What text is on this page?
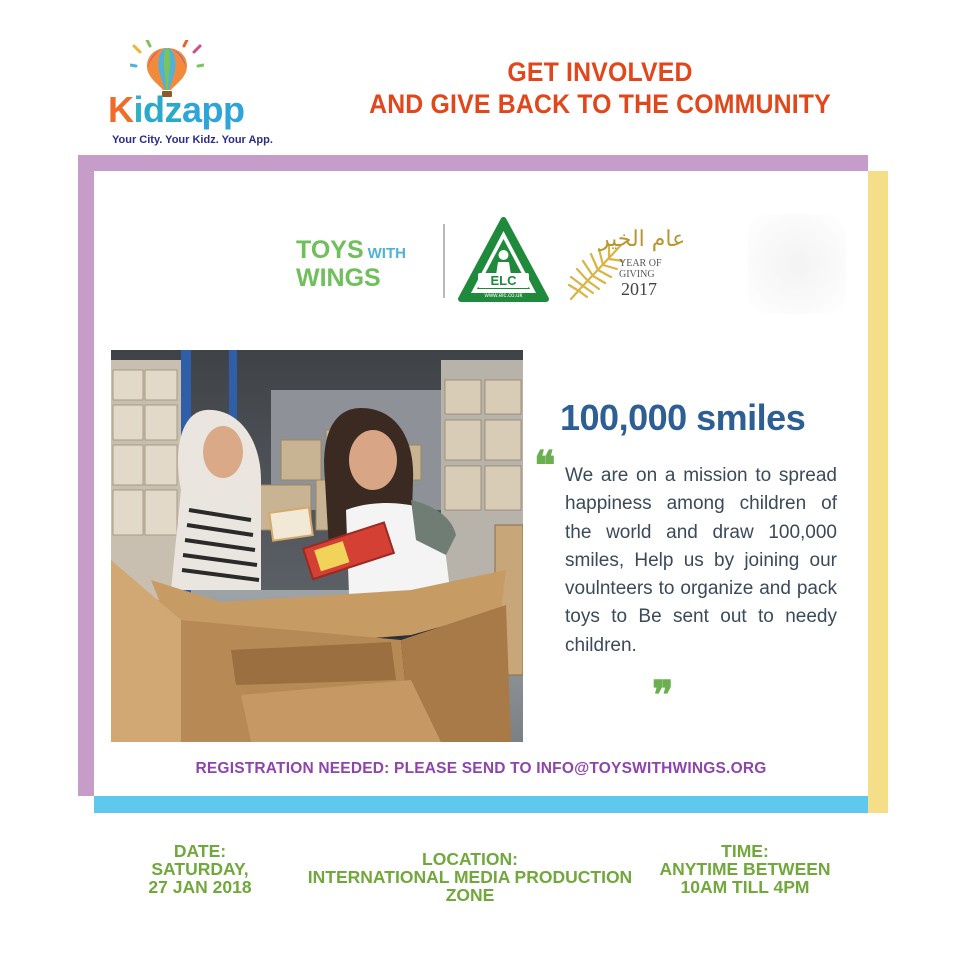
Kidzapp
Your City. Your Kidz. Your App.
GET INVOLVED
AND GIVE BACK TO THE COMMUNITY
TOYS WITH
WINGS	ELC
www.elc.co.uk
عام الخير
YEAR OF GIVING
2017
100,000 smiles
❝ We are on a mission to spread happiness among children of the world and draw 100,000 smiles, Help us by joining our voulnteers to organize and pack toys to Be sent out to needy children.
❞
REGISTRATION NEEDED: PLEASE SEND TO INFO@TOYSWITHWINGS.ORG
DATE:
SATURDAY,
27 JAN 2018
LOCATION:
INTERNATIONAL MEDIA PRODUCTION ZONE
TIME:
ANYTIME BETWEEN
10AM TILL 4PM
